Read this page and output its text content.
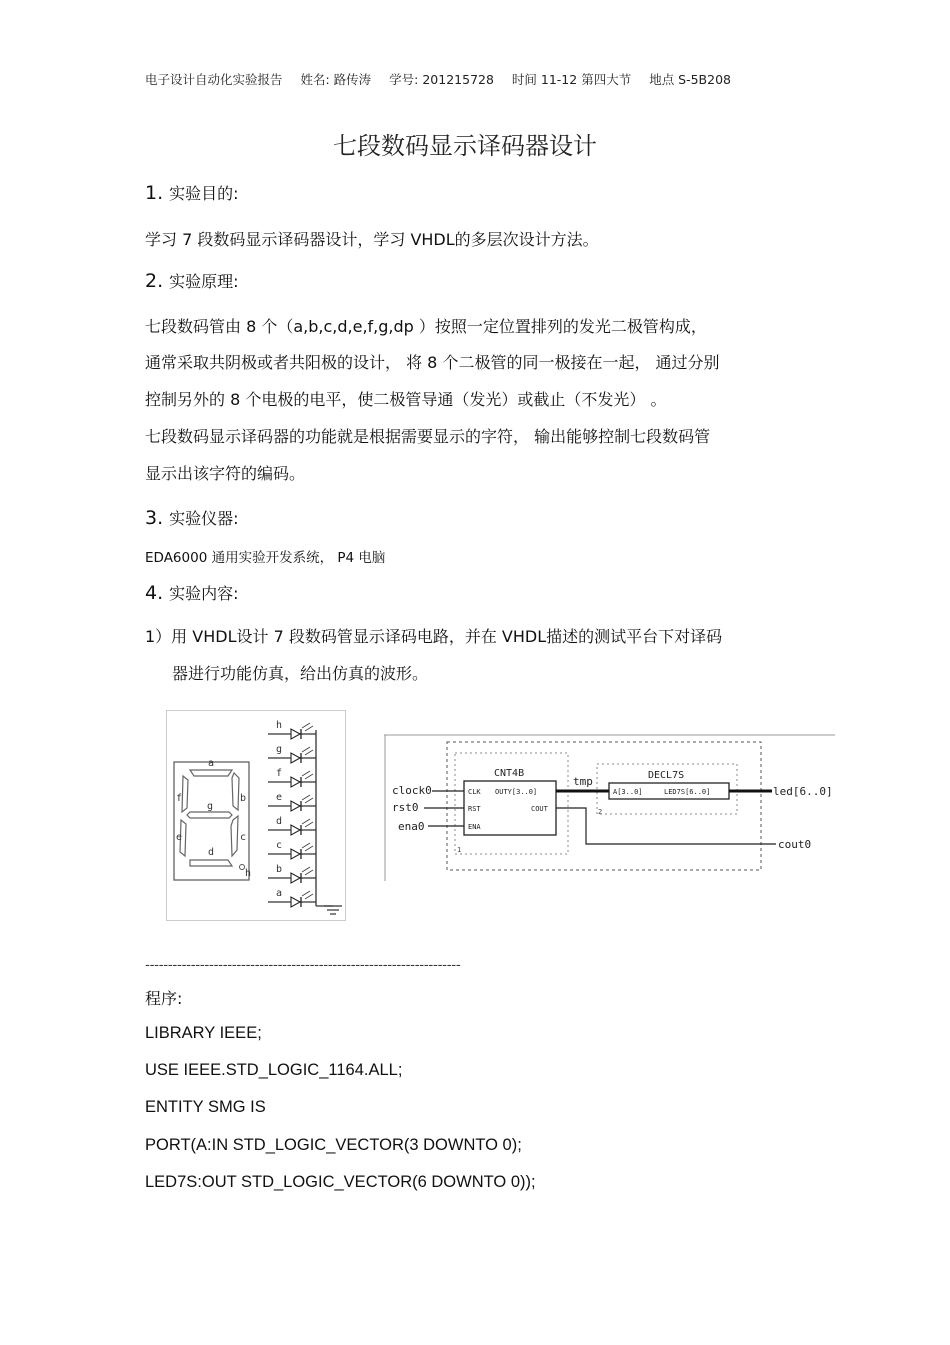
电子设计自动化实验报告 姓名: 路传涛 学号: 201215728 时间 11-12 第四大节 地点 S-5B208
七段数码显示译码器设计
1. 实验目的:
学习 7 段数码显示译码器设计，学习 VHDL的多层次设计方法。
2. 实验原理:
七段数码管由 8 个（a,b,c,d,e,f,g,dp ）按照一定位置排列的发光二极管构成，
通常采取共阴极或者共阳极的设计， 将 8 个二极管的同一极接在一起， 通过分别
控制另外的 8 个电极的电平，使二极管导通（发光）或截止（不发光） 。
七段数码显示译码器的功能就是根据需要显示的字符， 输出能够控制七段数码管
显示出该字符的编码。
3. 实验仪器:
EDA6000 通用实验开发系统， P4 电脑
4. 实验内容:
1）用 VHDL设计 7 段数码管显示译码电路，并在 VHDL描述的测试平台下对译码
器进行功能仿真，给出仿真的波形。
a
b
c
d
e
f
g
h
h
g
f
e
d
c
b
a
CNT4B
CLK
RST
ENA
OUTY[3..0]
COUT
1
DECL7S
A[3..0]	LED7S[6..0]
2
clock0
rst0
ena0
tmp
led[6..0]
cout0
---------------------------------------------------------------------
程序:
LIBRARY IEEE;
USE IEEE.STD_LOGIC_1164.ALL;
ENTITY SMG IS
PORT(A:IN STD_LOGIC_VECTOR(3 DOWNTO 0);
LED7S:OUT STD_LOGIC_VECTOR(6 DOWNTO 0));
